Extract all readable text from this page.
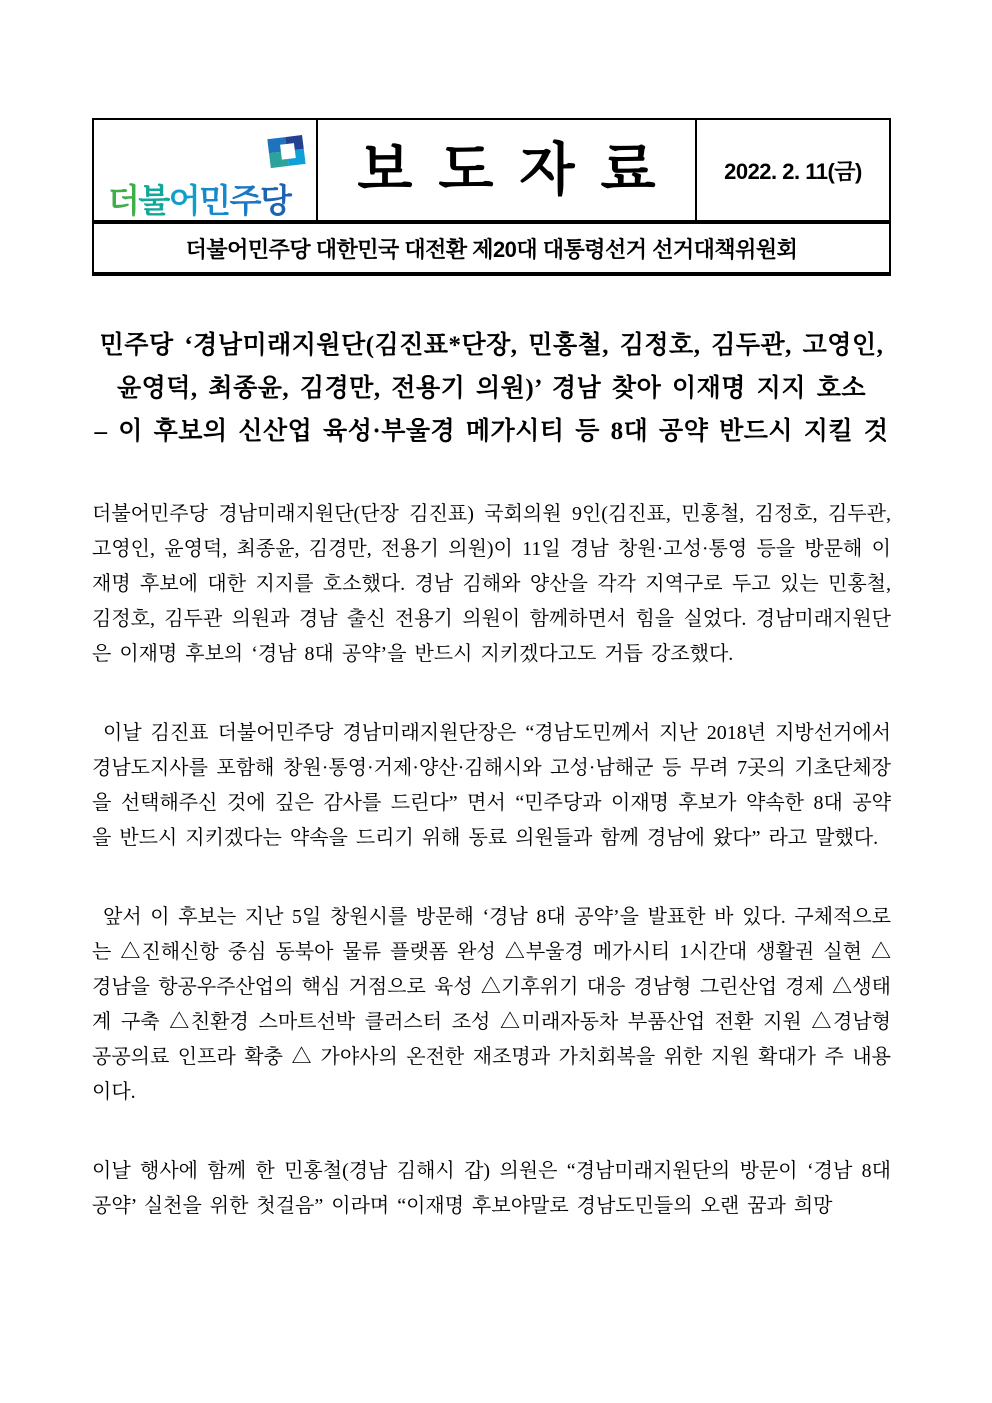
더불어민주당 보도자료 2022. 2. 11(금)
더불어민주당 대한민국 대전환 제20대 대통령선거 선거대책위원회
민주당 ‘경남미래지원단(김진표*단장, 민홍철, 김정호, 김두관, 고영인,
윤영덕, 최종윤, 김경만, 전용기 의원)’ 경남 찾아 이재명 지지 호소
– 이 후보의 신산업 육성·부울경 메가시티 등 8대 공약 반드시 지킬 것

더불어민주당 경남미래지원단(단장 김진표) 국회의원 9인(김진표, 민홍철, 김정호, 김두관, 고영인, 윤영덕, 최종윤, 김경만, 전용기 의원)이 11일 경남 창원·고성·통영 등을 방문해 이재명 후보에 대한 지지를 호소했다. 경남 김해와 양산을 각각 지역구로 두고 있는 민홍철, 김정호, 김두관 의원과 경남 출신 전용기 의원이 함께하면서 힘을 실었다. 경남미래지원단은 이재명 후보의 ‘경남 8대 공약’을 반드시 지키겠다고도 거듭 강조했다.

이날 김진표 더불어민주당 경남미래지원단장은 “경남도민께서 지난 2018년 지방선거에서 경남도지사를 포함해 창원·통영·거제·양산·김해시와 고성·남해군 등 무려 7곳의 기초단체장을 선택해주신 것에 깊은 감사를 드린다” 면서 “민주당과 이재명 후보가 약속한 8대 공약을 반드시 지키겠다는 약속을 드리기 위해 동료 의원들과 함께 경남에 왔다” 라고 말했다.

앞서 이 후보는 지난 5일 창원시를 방문해 ‘경남 8대 공약’을 발표한 바 있다. 구체적으로는 △진해신항 중심 동북아 물류 플랫폼 완성 △부울경 메가시티 1시간대 생활권 실현 △경남을 항공우주산업의 핵심 거점으로 육성 △기후위기 대응 경남형 그린산업 경제 △생태계 구축 △친환경 스마트선박 클러스터 조성 △미래자동차 부품산업 전환 지원 △경남형 공공의료 인프라 확충 △ 가야사의 온전한 재조명과 가치회복을 위한 지원 확대가 주 내용이다.

이날 행사에 함께 한 민홍철(경남 김해시 갑) 의원은 “경남미래지원단의 방문이 ‘경남 8대 공약’ 실천을 위한 첫걸음” 이라며 “이재명 후보야말로 경남도민들의 오랜 꿈과 희망
